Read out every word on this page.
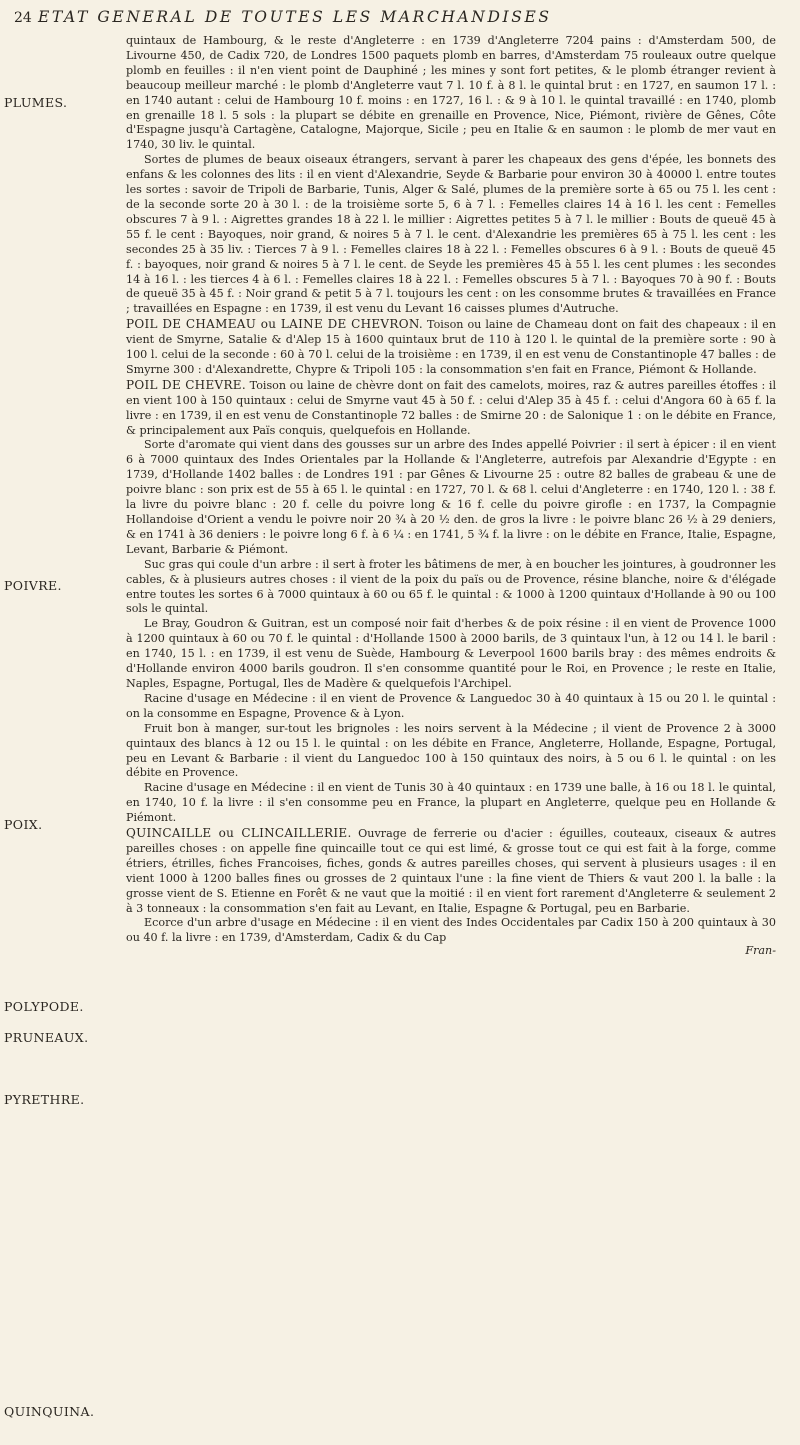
24 ETAT GENERAL DE TOUTES LES MARCHANDISES
PLUMES.
POIVRE.
POIX.
POLYPODE.
PRUNEAUX.
PYRETHRE.
QUINQUINA.

quintaux de Hambourg, & le reste d'Angleterre : en 1739 d'Angleterre 7204 pains : d'Amsterdam 500, de Livourne 450, de Cadix 720, de Londres 1500 paquets plomb en barres, d'Amsterdam 75 rouleaux outre quelque plomb en feuilles : il n'en vient point de Dauphiné ; les mines y sont fort petites, & le plomb étranger revient à beaucoup meilleur marché : le plomb d'Angleterre vaut 7 l. 10 f. à 8 l. le quintal brut : en 1727, en saumon 17 l. : en 1740 autant : celui de Hambourg 10 f. moins : en 1727, 16 l. : & 9 à 10 l. le quintal travaillé : en 1740, plomb en grenaille 18 l. 5 sols : la plupart se débite en grenaille en Provence, Nice, Piémont, rivière de Gênes, Côte d'Espagne jusqu'à Cartagène, Catalogne, Majorque, Sicile ; peu en Italie & en saumon : le plomb de mer vaut en 1740, 30 liv. le quintal.

Sortes de plumes de beaux oiseaux étrangers, servant à parer les chapeaux des gens d'épée, les bonnets des enfans & les colonnes des lits : il en vient d'Alexandrie, Seyde & Barbarie pour environ 30 à 40000 l. entre toutes les sortes : savoir de Tripoli de Barbarie, Tunis, Alger & Salé, plumes de la première sorte à 65 ou 75 l. les cent : de la seconde sorte 20 à 30 l. : de la troisième sorte 5, 6 à 7 l. : Femelles claires 14 à 16 l. les cent : Femelles obscures 7 à 9 l. : Aigrettes grandes 18 à 22 l. le millier : Aigrettes petites 5 à 7 l. le millier : Bouts de queuë 45 à 55 f. le cent : Bayoques, noir grand, & noires 5 à 7 l. le cent. d'Alexandrie les premières 65 à 75 l. les cent : les secondes 25 à 35 liv. : Tierces 7 à 9 l. : Femelles claires 18 à 22 l. : Femelles obscures 6 à 9 l. : Bouts de queuë 45 f. : bayoques, noir grand & noires 5 à 7 l. le cent. de Seyde les premières 45 à 55 l. les cent plumes : les secondes 14 à 16 l. : les tierces 4 à 6 l. : Femelles claires 18 à 22 l. : Femelles obscures 5 à 7 l. : Bayoques 70 à 90 f. : Bouts de queuë 35 à 45 f. : Noir grand & petit 5 à 7 l. toujours les cent : on les consomme brutes & travaillées en France ; travaillées en Espagne : en 1739, il est venu du Levant 16 caisses plumes d'Autruche.

POIL DE CHAMEAU ou LAINE DE CHEVRON. Toison ou laine de Chameau dont on fait des chapeaux : il en vient de Smyrne, Satalie & d'Alep 15 à 1600 quintaux brut de 110 à 120 l. le quintal de la première sorte : 90 à 100 l. celui de la seconde : 60 à 70 l. celui de la troisième : en 1739, il en est venu de Constantinople 47 balles : de Smyrne 300 : d'Alexandrette, Chypre & Tripoli 105 : la consommation s'en fait en France, Piémont & Hollande.

POIL DE CHEVRE. Toison ou laine de chèvre dont on fait des camelots, moires, raz & autres pareilles étoffes : il en vient 100 à 150 quintaux : celui de Smyrne vaut 45 à 50 f. : celui d'Alep 35 à 45 f. : celui d'Angora 60 à 65 f. la livre : en 1739, il en est venu de Constantinople 72 balles : de Smirne 20 : de Salonique 1 : on le débite en France, & principalement aux Païs conquis, quelquefois en Hollande.

Sorte d'aromate qui vient dans des gousses sur un arbre des Indes appellé Poivrier : il sert à épicer : il en vient 6 à 7000 quintaux des Indes Orientales par la Hollande & l'Angleterre, autrefois par Alexandrie d'Egypte : en 1739, d'Hollande 1402 balles : de Londres 191 : par Gênes & Livourne 25 : outre 82 balles de grabeau & une de poivre blanc : son prix est de 55 à 65 l. le quintal : en 1727, 70 l. & 68 l. celui d'Angleterre : en 1740, 120 l. : 38 f. la livre du poivre blanc : 20 f. celle du poivre long & 16 f. celle du poivre girofle : en 1737, la Compagnie Hollandoise d'Orient a vendu le poivre noir 20 ¾ à 20 ½ den. de gros la livre : le poivre blanc 26 ½ à 29 deniers, & en 1741 à 36 deniers : le poivre long 6 f. à 6 ¼ : en 1741, 5 ¾ f. la livre : on le débite en France, Italie, Espagne, Levant, Barbarie & Piémont.

Suc gras qui coule d'un arbre : il sert à froter les bâtimens de mer, à en boucher les jointures, à goudronner les cables, & à plusieurs autres choses : il vient de la poix du païs ou de Provence, résine blanche, noire & d'élégade entre toutes les sortes 6 à 7000 quintaux à 60 ou 65 f. le quintal : & 1000 à 1200 quintaux d'Hollande à 90 ou 100 sols le quintal.

Le Bray, Goudron & Guitran, est un composé noir fait d'herbes & de poix résine : il en vient de Provence 1000 à 1200 quintaux à 60 ou 70 f. le quintal : d'Hollande 1500 à 2000 barils, de 3 quintaux l'un, à 12 ou 14 l. le baril : en 1740, 15 l. : en 1739, il est venu de Suède, Hambourg & Leverpool 1600 barils bray : des mêmes endroits & d'Hollande environ 4000 barils goudron. Il s'en consomme quantité pour le Roi, en Provence ; le reste en Italie, Naples, Espagne, Portugal, Iles de Madère & quelquefois l'Archipel.

Racine d'usage en Médecine : il en vient de Provence & Languedoc 30 à 40 quintaux à 15 ou 20 l. le quintal : on la consomme en Espagne, Provence & à Lyon.

Fruit bon à manger, sur-tout les brignoles : les noirs servent à la Médecine ; il vient de Provence 2 à 3000 quintaux des blancs à 12 ou 15 l. le quintal : on les débite en France, Angleterre, Hollande, Espagne, Portugal, peu en Levant & Barbarie : il vient du Languedoc 100 à 150 quintaux des noirs, à 5 ou 6 l. le quintal : on les débite en Provence.

Racine d'usage en Médecine : il en vient de Tunis 30 à 40 quintaux : en 1739 une balle, à 16 ou 18 l. le quintal, en 1740, 10 f. la livre : il s'en consomme peu en France, la plupart en Angleterre, quelque peu en Hollande & Piémont.

QUINCAILLE ou CLINCAILLERIE. Ouvrage de ferrerie ou d'acier : éguilles, couteaux, ciseaux & autres pareilles choses : on appelle fine quincaille tout ce qui est limé, & grosse tout ce qui est fait à la forge, comme étriers, étrilles, fiches Francoises, fiches, gonds & autres pareilles choses, qui servent à plusieurs usages : il en vient 1000 à 1200 balles fines ou grosses de 2 quintaux l'une : la fine vient de Thiers & vaut 200 l. la balle : la grosse vient de S. Etienne en Forêt & ne vaut que la moitié : il en vient fort rarement d'Angleterre & seulement 2 à 3 tonneaux : la consommation s'en fait au Levant, en Italie, Espagne & Portugal, peu en Barbarie.

Ecorce d'un arbre d'usage en Médecine : il en vient des Indes Occidentales par Cadix 150 à 200 quintaux à 30 ou 40 f. la livre : en 1739, d'Amsterdam, Cadix & du Cap

Fran-
